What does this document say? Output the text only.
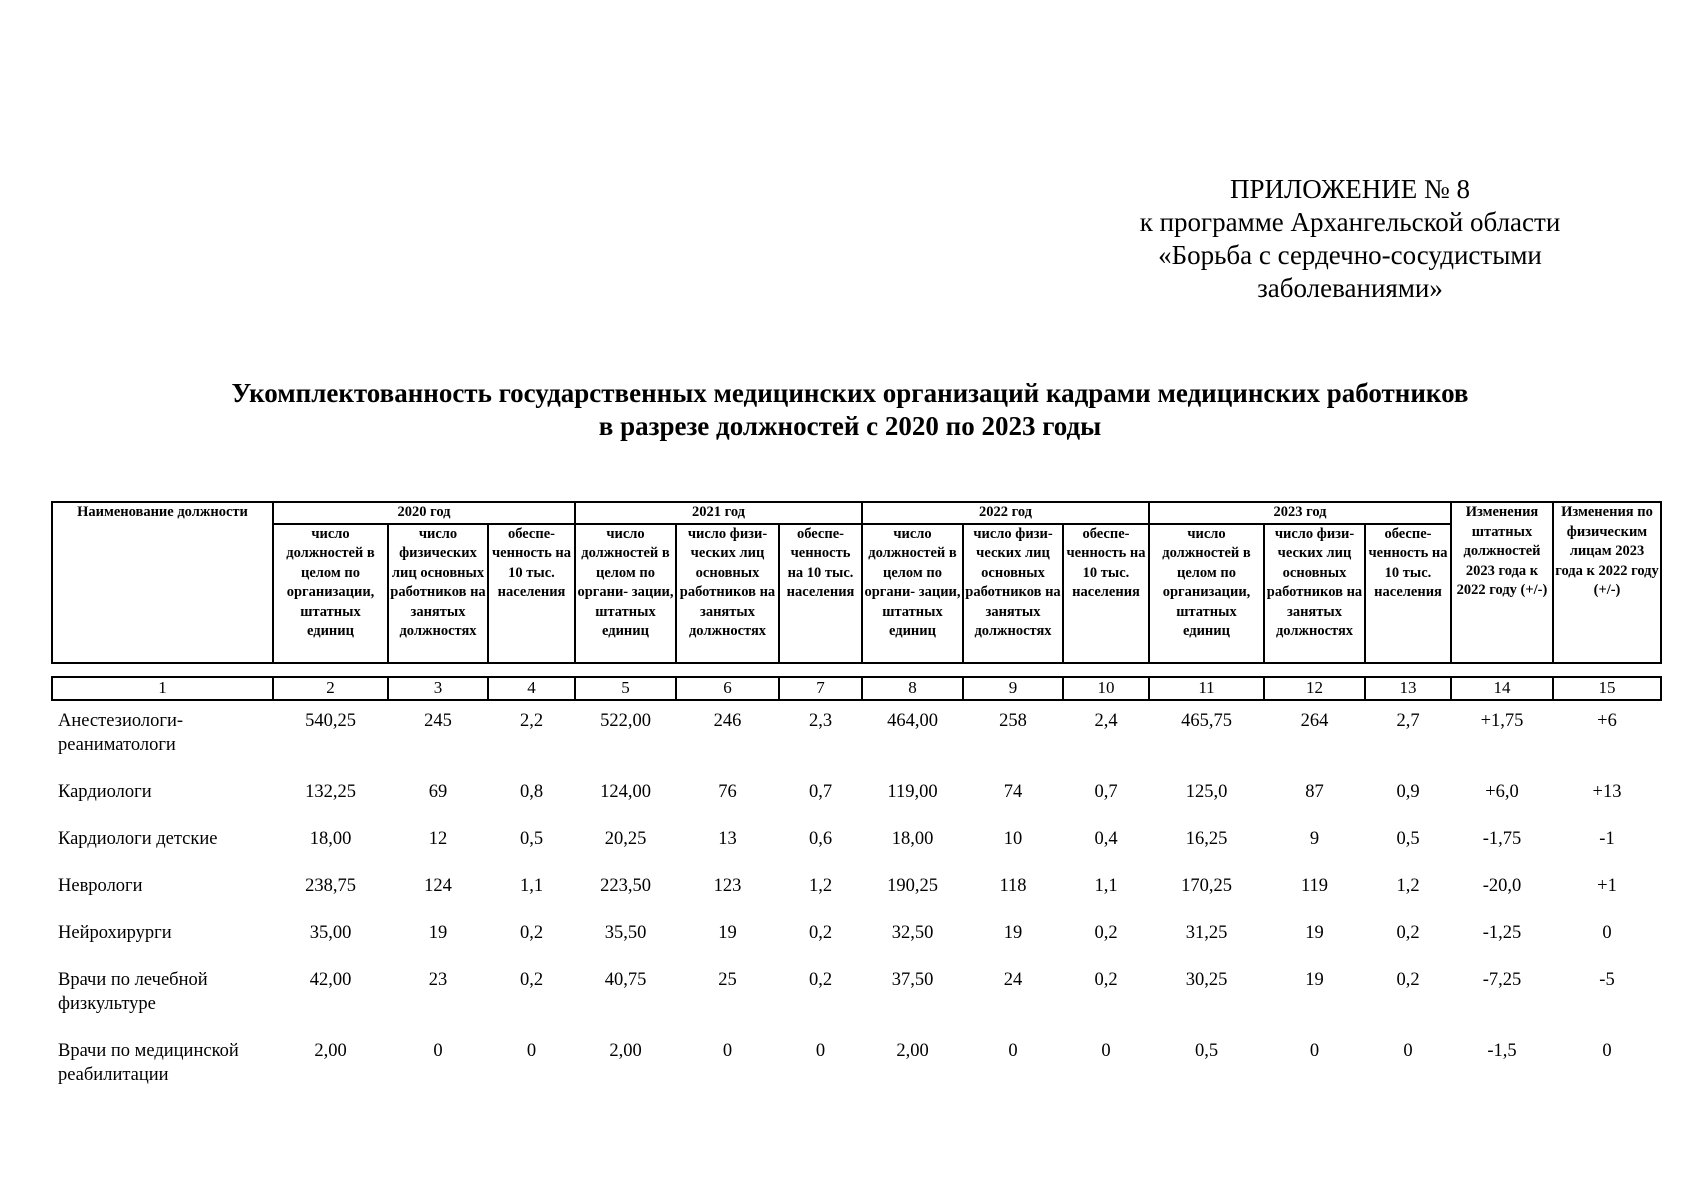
ПРИЛОЖЕНИЕ № 8
к программе Архангельской области
«Борьба с сердечно-сосудистыми
заболеваниями»
Укомплектованность государственных медицинских организаций кадрами медицинских работников
в разрезе должностей с 2020 по 2023 годы
Наименование должности	2020 год			2021 год			2022 год			2023 год			Изменения штатных должностей 2023 года к 2022 году (+/-)	Изменения по физическим лицам 2023 года к 2022 году (+/-)
	число должностей в целом по организации, штатных единиц	число физических лиц основных работников на занятых должностях	обеспе- ченность на 10 тыс. населения	число должностей в целом по органи- зации, штатных единиц	число физи- ческих лиц основных работников на занятых должностях	обеспе- ченность на 10 тыс. населения	число должностей в целом по органи- зации, штатных единиц	число физи- ческих лиц основных работников на занятых должностях	обеспе- ченность на 10 тыс. населения	число должностей в целом по организации, штатных единиц	число физи- ческих лиц основных работников на занятых должностях	обеспе- ченность на 10 тыс. населения		

1	2	3	4	5	6	7	8	9	10	11	12	13	14	15
Анестезиологи-реаниматологи	540,25	245	2,2	522,00	246	2,3	464,00	258	2,4	465,75	264	2,7	+1,75	+6
Кардиологи	132,25	69	0,8	124,00	76	0,7	119,00	74	0,7	125,0	87	0,9	+6,0	+13
Кардиологи детские	18,00	12	0,5	20,25	13	0,6	18,00	10	0,4	16,25	9	0,5	-1,75	-1
Неврологи	238,75	124	1,1	223,50	123	1,2	190,25	118	1,1	170,25	119	1,2	-20,0	+1
Нейрохирурги	35,00	19	0,2	35,50	19	0,2	32,50	19	0,2	31,25	19	0,2	-1,25	0
Врачи по лечебной физкультуре	42,00	23	0,2	40,75	25	0,2	37,50	24	0,2	30,25	19	0,2	-7,25	-5
Врачи по медицинской реабилитации	2,00	0	0	2,00	0	0	2,00	0	0	0,5	0	0	-1,5	0
